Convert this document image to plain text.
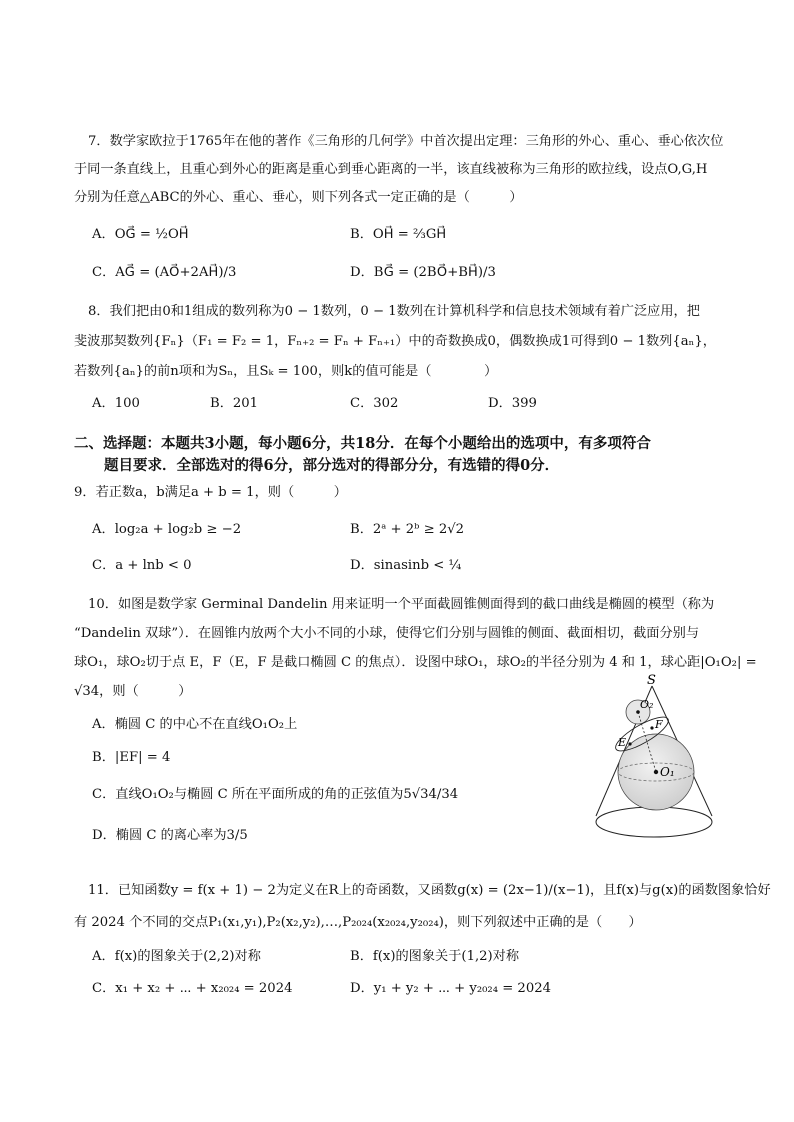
7．数学家欧拉于1765年在他的著作《三角形的几何学》中首次提出定理：三角形的外心、重心、垂心依次位
于同一条直线上，且重心到外心的距离是重心到垂心距离的一半，该直线被称为三角形的欧拉线，设点O,G,H
分别为任意△ABC的外心、重心、垂心，则下列各式一定正确的是（　　　）
A．OG⃗ = ½OH⃗	B．OH⃗ = ⅔GH⃗
C．AG⃗ = (AO⃗+2AH⃗)/3	D．BG⃗ = (2BO⃗+BH⃗)/3
8．我们把由0和1组成的数列称为0 − 1数列，0 − 1数列在计算机科学和信息技术领域有着广泛应用，把
斐波那契数列{Fₙ}（F₁ = F₂ = 1，Fₙ₊₂ = Fₙ + Fₙ₊₁）中的奇数换成0，偶数换成1可得到0 − 1数列{aₙ}，
若数列{aₙ}的前n项和为Sₙ，且Sₖ = 100，则k的值可能是（　　　　）
A．100	B．201	C．302	D．399
二、选择题：本题共3小题，每小题6分，共18分．在每个小题给出的选项中，有多项符合
题目要求．全部选对的得6分，部分选对的得部分分，有选错的得0分．
9．若正数a，b满足a + b = 1，则（　　　）
A．log₂a + log₂b ≥ −2	B．2ᵃ + 2ᵇ ≥ 2√2
C．a + lnb < 0	D．sinasinb < ¼
10．如图是数学家 Germinal Dandelin 用来证明一个平面截圆锥侧面得到的截口曲线是椭圆的模型（称为
“Dandelin 双球”）．在圆锥内放两个大小不同的小球，使得它们分别与圆锥的侧面、截面相切，截面分别与
球O₁，球O₂切于点 E，F（E，F 是截口椭圆 C 的焦点）．设图中球O₁，球O₂的半径分别为 4 和 1，球心距|O₁O₂| =
√34，则（　　　）
A．椭圆 C 的中心不在直线O₁O₂上
B．|EF| = 4
C．直线O₁O₂与椭圆 C 所在平面所成的角的正弦值为5√34/34
D．椭圆 C 的离心率为3/5
S
O₁
O₂
E
F
11．已知函数y = f(x + 1) − 2为定义在R上的奇函数，又函数g(x) = (2x−1)/(x−1)，且f(x)与g(x)的函数图象恰好
有 2024 个不同的交点P₁(x₁,y₁),P₂(x₂,y₂),…,P₂₀₂₄(x₂₀₂₄,y₂₀₂₄)，则下列叙述中正确的是（　　）
A．f(x)的图象关于(2,2)对称	B．f(x)的图象关于(1,2)对称
C．x₁ + x₂ + ⋯ + x₂₀₂₄ = 2024	D．y₁ + y₂ + ⋯ + y₂₀₂₄ = 2024
